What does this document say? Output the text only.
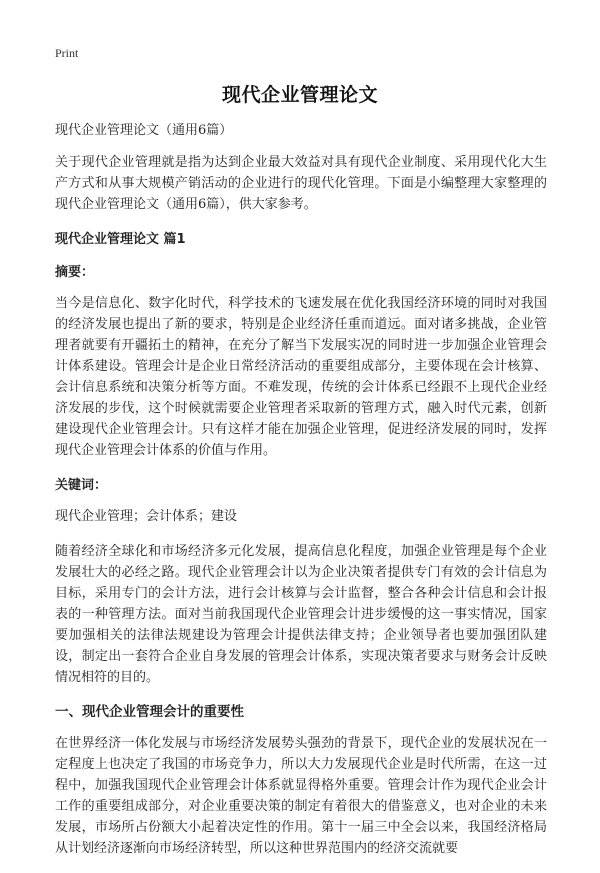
Print
现代企业管理论文

现代企业管理论文（通用6篇）

关于现代企业管理就是指为达到企业最大效益对具有现代企业制度、采用现代化大生产方式和从事大规模产销活动的企业进行的现代化管理。下面是小编整理大家整理的现代企业管理论文（通用6篇），供大家参考。

现代企业管理论文 篇1
摘要：

当今是信息化、数字化时代，科学技术的飞速发展在优化我国经济环境的同时对我国的经济发展也提出了新的要求，特别是企业经济任重而道远。面对诸多挑战，企业管理者就要有开疆拓土的精神，在充分了解当下发展实况的同时进一步加强企业管理会计体系建设。管理会计是企业日常经济活动的重要组成部分，主要体现在会计核算、会计信息系统和决策分析等方面。不难发现，传统的会计体系已经跟不上现代企业经济发展的步伐，这个时候就需要企业管理者采取新的管理方式，融入时代元素，创新建设现代企业管理会计。只有这样才能在加强企业管理，促进经济发展的同时，发挥现代企业管理会计体系的价值与作用。

关键词：

现代企业管理；会计体系；建设

随着经济全球化和市场经济多元化发展，提高信息化程度，加强企业管理是每个企业发展壮大的必经之路。现代企业管理会计以为企业决策者提供专门有效的会计信息为目标，采用专门的会计方法，进行会计核算与会计监督，整合各种会计信息和会计报表的一种管理方法。面对当前我国现代企业管理会计进步缓慢的这一事实情况，国家要加强相关的法律法规建设为管理会计提供法律支持；企业领导者也要加强团队建设，制定出一套符合企业自身发展的管理会计体系，实现决策者要求与财务会计反映情况相符的目的。

一、现代企业管理会计的重要性

在世界经济一体化发展与市场经济发展势头强劲的背景下，现代企业的发展状况在一定程度上也决定了我国的市场竞争力，所以大力发展现代企业是时代所需，在这一过程中，加强我国现代企业管理会计体系就显得格外重要。管理会计作为现代企业会计工作的重要组成部分，对企业重要决策的制定有着很大的借鉴意义，也对企业的未来发展，市场所占份额大小起着决定性的作用。第十一届三中全会以来，我国经济格局从计划经济逐渐向市场经济转型，所以这种世界范围内的经济交流就要
